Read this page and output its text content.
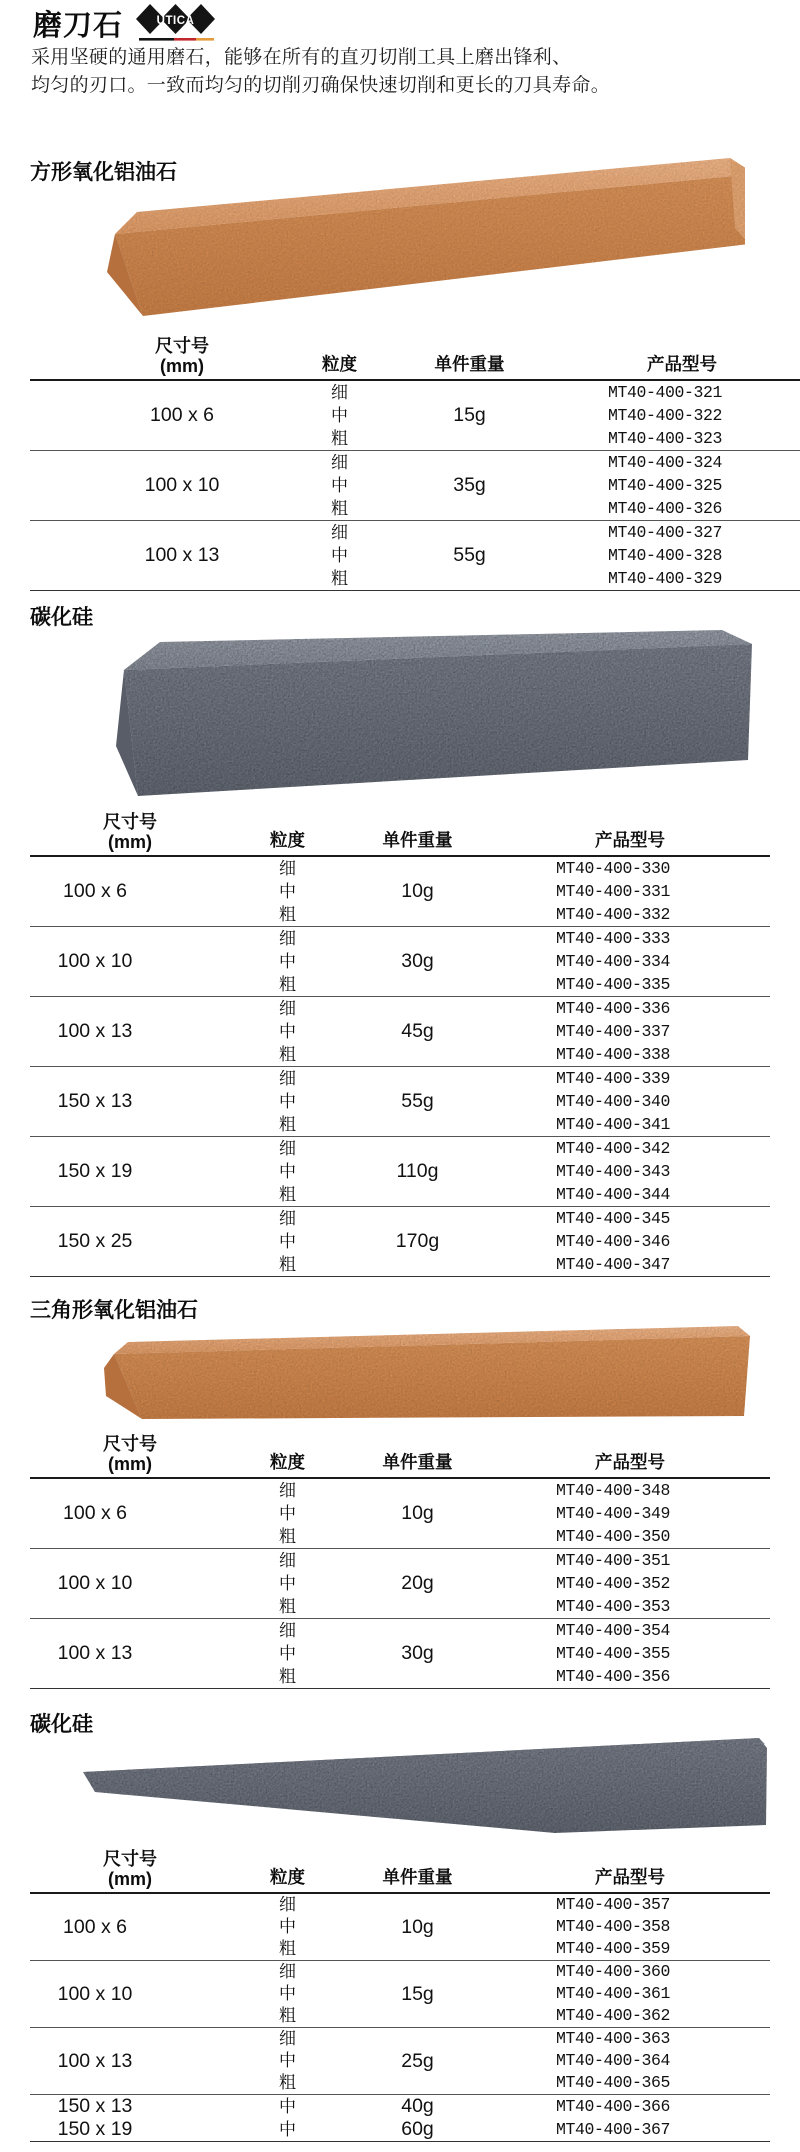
磨刀石	UTICA
采用坚硬的通用磨石，能够在所有的直刃切削工具上磨出锋利、
均匀的刃口。一致而均匀的切削刃确保快速切削和更长的刀具寿命。
方形氧化铝油石
尺寸号
(mm)	粒度	单件重量	产品型号
100 x 6	细	15g	MT40-400-321
	中		MT40-400-322
	粗		MT40-400-323
100 x 10	细	35g	MT40-400-324
	中		MT40-400-325
	粗		MT40-400-326
100 x 13	细	55g	MT40-400-327
	中		MT40-400-328
	粗		MT40-400-329
碳化硅
尺寸号
(mm)	粒度	单件重量	产品型号
100 x 6	细	10g	MT40-400-330
	中		MT40-400-331
	粗		MT40-400-332
100 x 10	细	30g	MT40-400-333
	中		MT40-400-334
	粗		MT40-400-335
100 x 13	细	45g	MT40-400-336
	中		MT40-400-337
	粗		MT40-400-338
150 x 13	细	55g	MT40-400-339
	中		MT40-400-340
	粗		MT40-400-341
150 x 19	细	110g	MT40-400-342
	中		MT40-400-343
	粗		MT40-400-344
150 x 25	细	170g	MT40-400-345
	中		MT40-400-346
	粗		MT40-400-347
三角形氧化铝油石
尺寸号
(mm)	粒度	单件重量	产品型号
100 x 6	细	10g	MT40-400-348
	中		MT40-400-349
	粗		MT40-400-350
100 x 10	细	20g	MT40-400-351
	中		MT40-400-352
	粗		MT40-400-353
100 x 13	细	30g	MT40-400-354
	中		MT40-400-355
	粗		MT40-400-356
碳化硅
尺寸号
(mm)	粒度	单件重量	产品型号
100 x 6	细	10g	MT40-400-357
	中		MT40-400-358
	粗		MT40-400-359
100 x 10	细	15g	MT40-400-360
	中		MT40-400-361
	粗		MT40-400-362
100 x 13	细	25g	MT40-400-363
	中		MT40-400-364
	粗		MT40-400-365
150 x 13	中	40g	MT40-400-366
150 x 19	中	60g	MT40-400-367
